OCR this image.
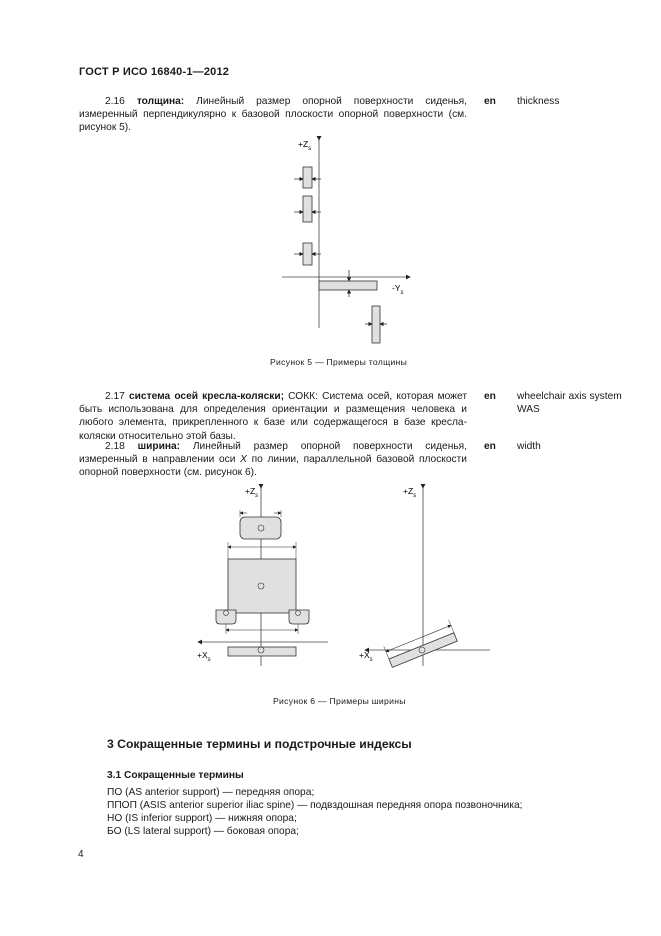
ГОСТ Р ИСО 16840-1—2012
2.16 толщина: Линейный размер опорной поверхности сиденья, измеренный перпендикулярно к базовой плоскости опорной поверхности (см. рисунок 5).
en thickness
$+Z_s$
$-Y_s$
Рисунок 5 — Примеры толщины
2.17 система осей кресла-коляски; СОКК: Система осей, которая может быть использована для определения ориентации и размещения человека и любого элемента, прикрепленного к базе или содержащегося в базе кресла-коляски относительно этой базы.
en wheelchair axis system WAS
2.18 ширина: Линейный размер опорной поверхности сиденья, измеренный в направлении оси X по линии, параллельной базовой плоскости опорной поверхности (см. рисунок 6).
en width
$+Z_s$
$+X_s$
$+Z_s$
$+X_s$
Рисунок 6 — Примеры ширины
3 Сокращенные термины и подстрочные индексы
3.1 Сокращенные термины
ПО (AS anterior support) — передняя опора;
ППОП (ASIS anterior superior iliac spine) — подвздошная передняя опора позвоночника;
НО (IS inferior support) — нижняя опора;
БО (LS lateral support) — боковая опора;
4
